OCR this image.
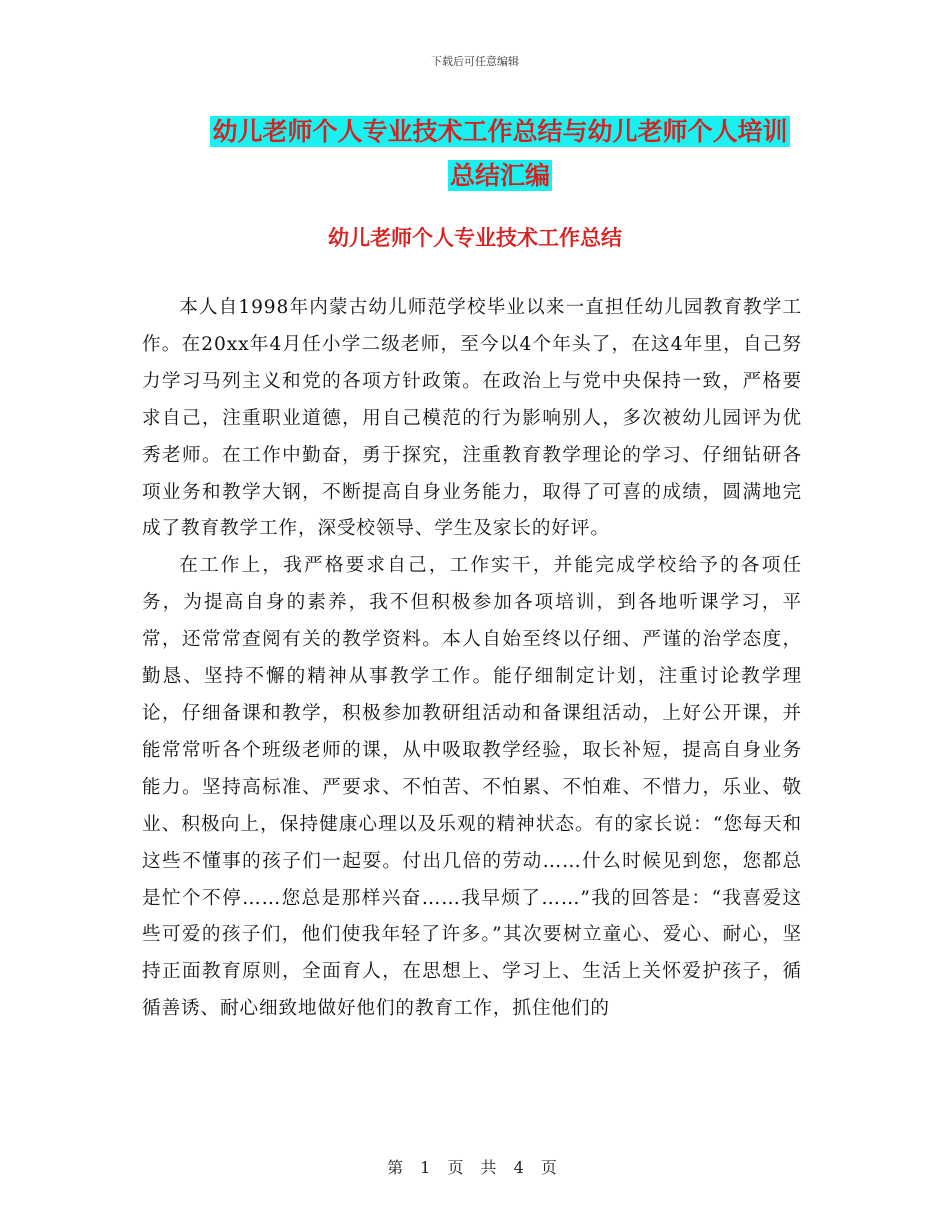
下载后可任意编辑
幼儿老师个人专业技术工作总结与幼儿老师个人培训
总结汇编
幼儿老师个人专业技术工作总结

本人自1998年内蒙古幼儿师范学校毕业以来一直担任幼儿园教育教学工作。在20xx年4月任小学二级老师，至今以4个年头了，在这4年里，自己努力学习马列主义和党的各项方针政策。在政治上与党中央保持一致，严格要求自己，注重职业道德，用自己模范的行为影响别人，多次被幼儿园评为优秀老师。在工作中勤奋，勇于探究，注重教育教学理论的学习、仔细钻研各项业务和教学大钢，不断提高自身业务能力，取得了可喜的成绩，圆满地完成了教育教学工作，深受校领导、学生及家长的好评。

在工作上，我严格要求自己，工作实干，并能完成学校给予的各项任务，为提高自身的素养，我不但积极参加各项培训，到各地听课学习，平常，还常常查阅有关的教学资料。本人自始至终以仔细、严谨的治学态度，勤恳、坚持不懈的精神从事教学工作。能仔细制定计划，注重讨论教学理论，仔细备课和教学，积极参加教研组活动和备课组活动，上好公开课，并能常常听各个班级老师的课，从中吸取教学经验，取长补短，提高自身业务能力。坚持高标准、严要求、不怕苦、不怕累、不怕难、不惜力，乐业、敬业、积极向上，保持健康心理以及乐观的精神状态。有的家长说：“您每天和这些不懂事的孩子们一起耍。付出几倍的劳动……什么时候见到您，您都总是忙个不停……您总是那样兴奋……我早烦了……”我的回答是：“我喜爱这些可爱的孩子们，他们使我年轻了许多。”其次要树立童心、爱心、耐心，坚持正面教育原则，全面育人，在思想上、学习上、生活上关怀爱护孩子，循循善诱、耐心细致地做好他们的教育工作，抓住他们的

第 1 页 共 4 页
